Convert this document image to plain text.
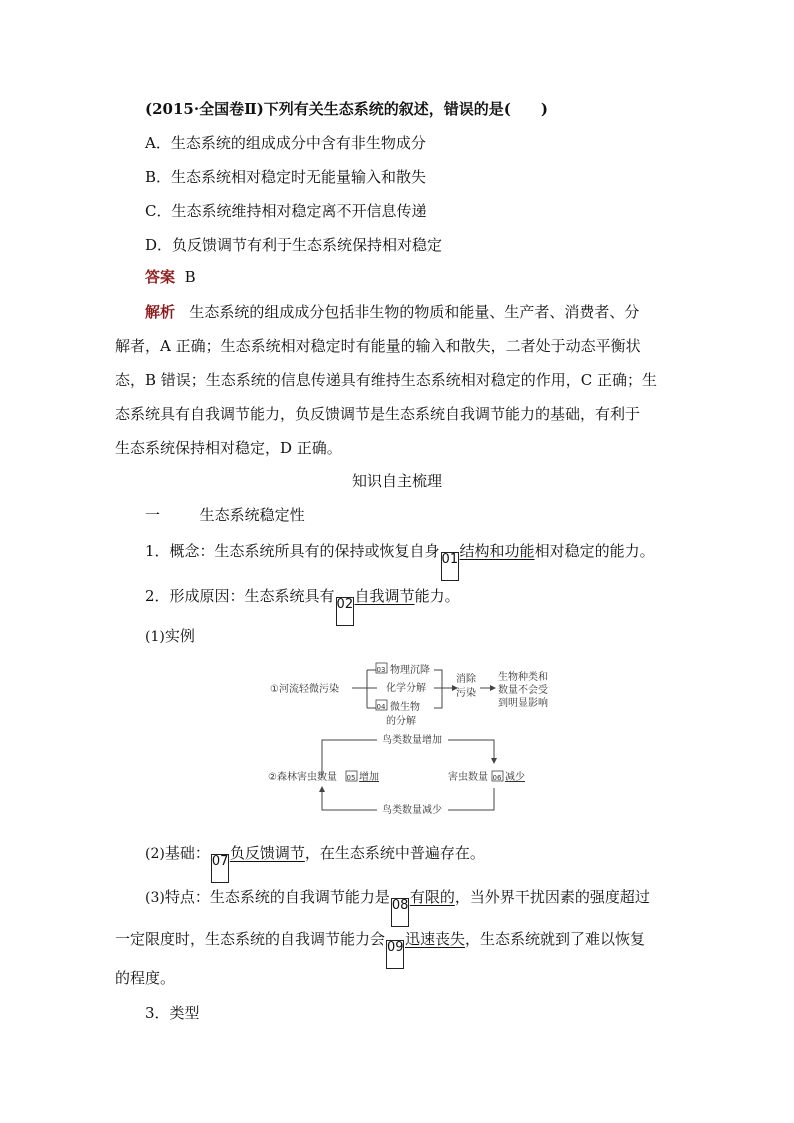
(2015·全国卷Ⅱ)下列有关生态系统的叙述，错误的是(　　)
A．生态系统的组成成分中含有非生物成分
B．生态系统相对稳定时无能量输入和散失
C．生态系统维持相对稳定离不开信息传递
D．负反馈调节有利于生态系统保持相对稳定
答案 B
解析 生态系统的组成成分包括非生物的物质和能量、生产者、消费者、分
解者，A 正确；生态系统相对稳定时有能量的输入和散失，二者处于动态平衡状
态，B 错误；生态系统的信息传递具有维持生态系统相对稳定的作用，C 正确；生
态系统具有自我调节能力，负反馈调节是生态系统自我调节能力的基础，有利于
生态系统保持相对稳定，D 正确。
知识自主梳理
一	生态系统稳定性
1．概念：生态系统所具有的保持或恢复自身 01结构和功能相对稳定的能力。
2．形成原因：生态系统具有 02自我调节能力。
(1)实例
①河流轻微污染
03 物理沉降
化学分解
04 微生物
的分解
消除
污染
生物种类和
数量不会受
到明显影响
鸟类数量增加
②森林害虫数量 05 增加	害虫数量 06 减少
鸟类数量减少
(2)基础： 07负反馈调节，在生态系统中普遍存在。
(3)特点：生态系统的自我调节能力是 08有限的，当外界干扰因素的强度超过
一定限度时，生态系统的自我调节能力会 09迅速丧失，生态系统就到了难以恢复
的程度。
3．类型
